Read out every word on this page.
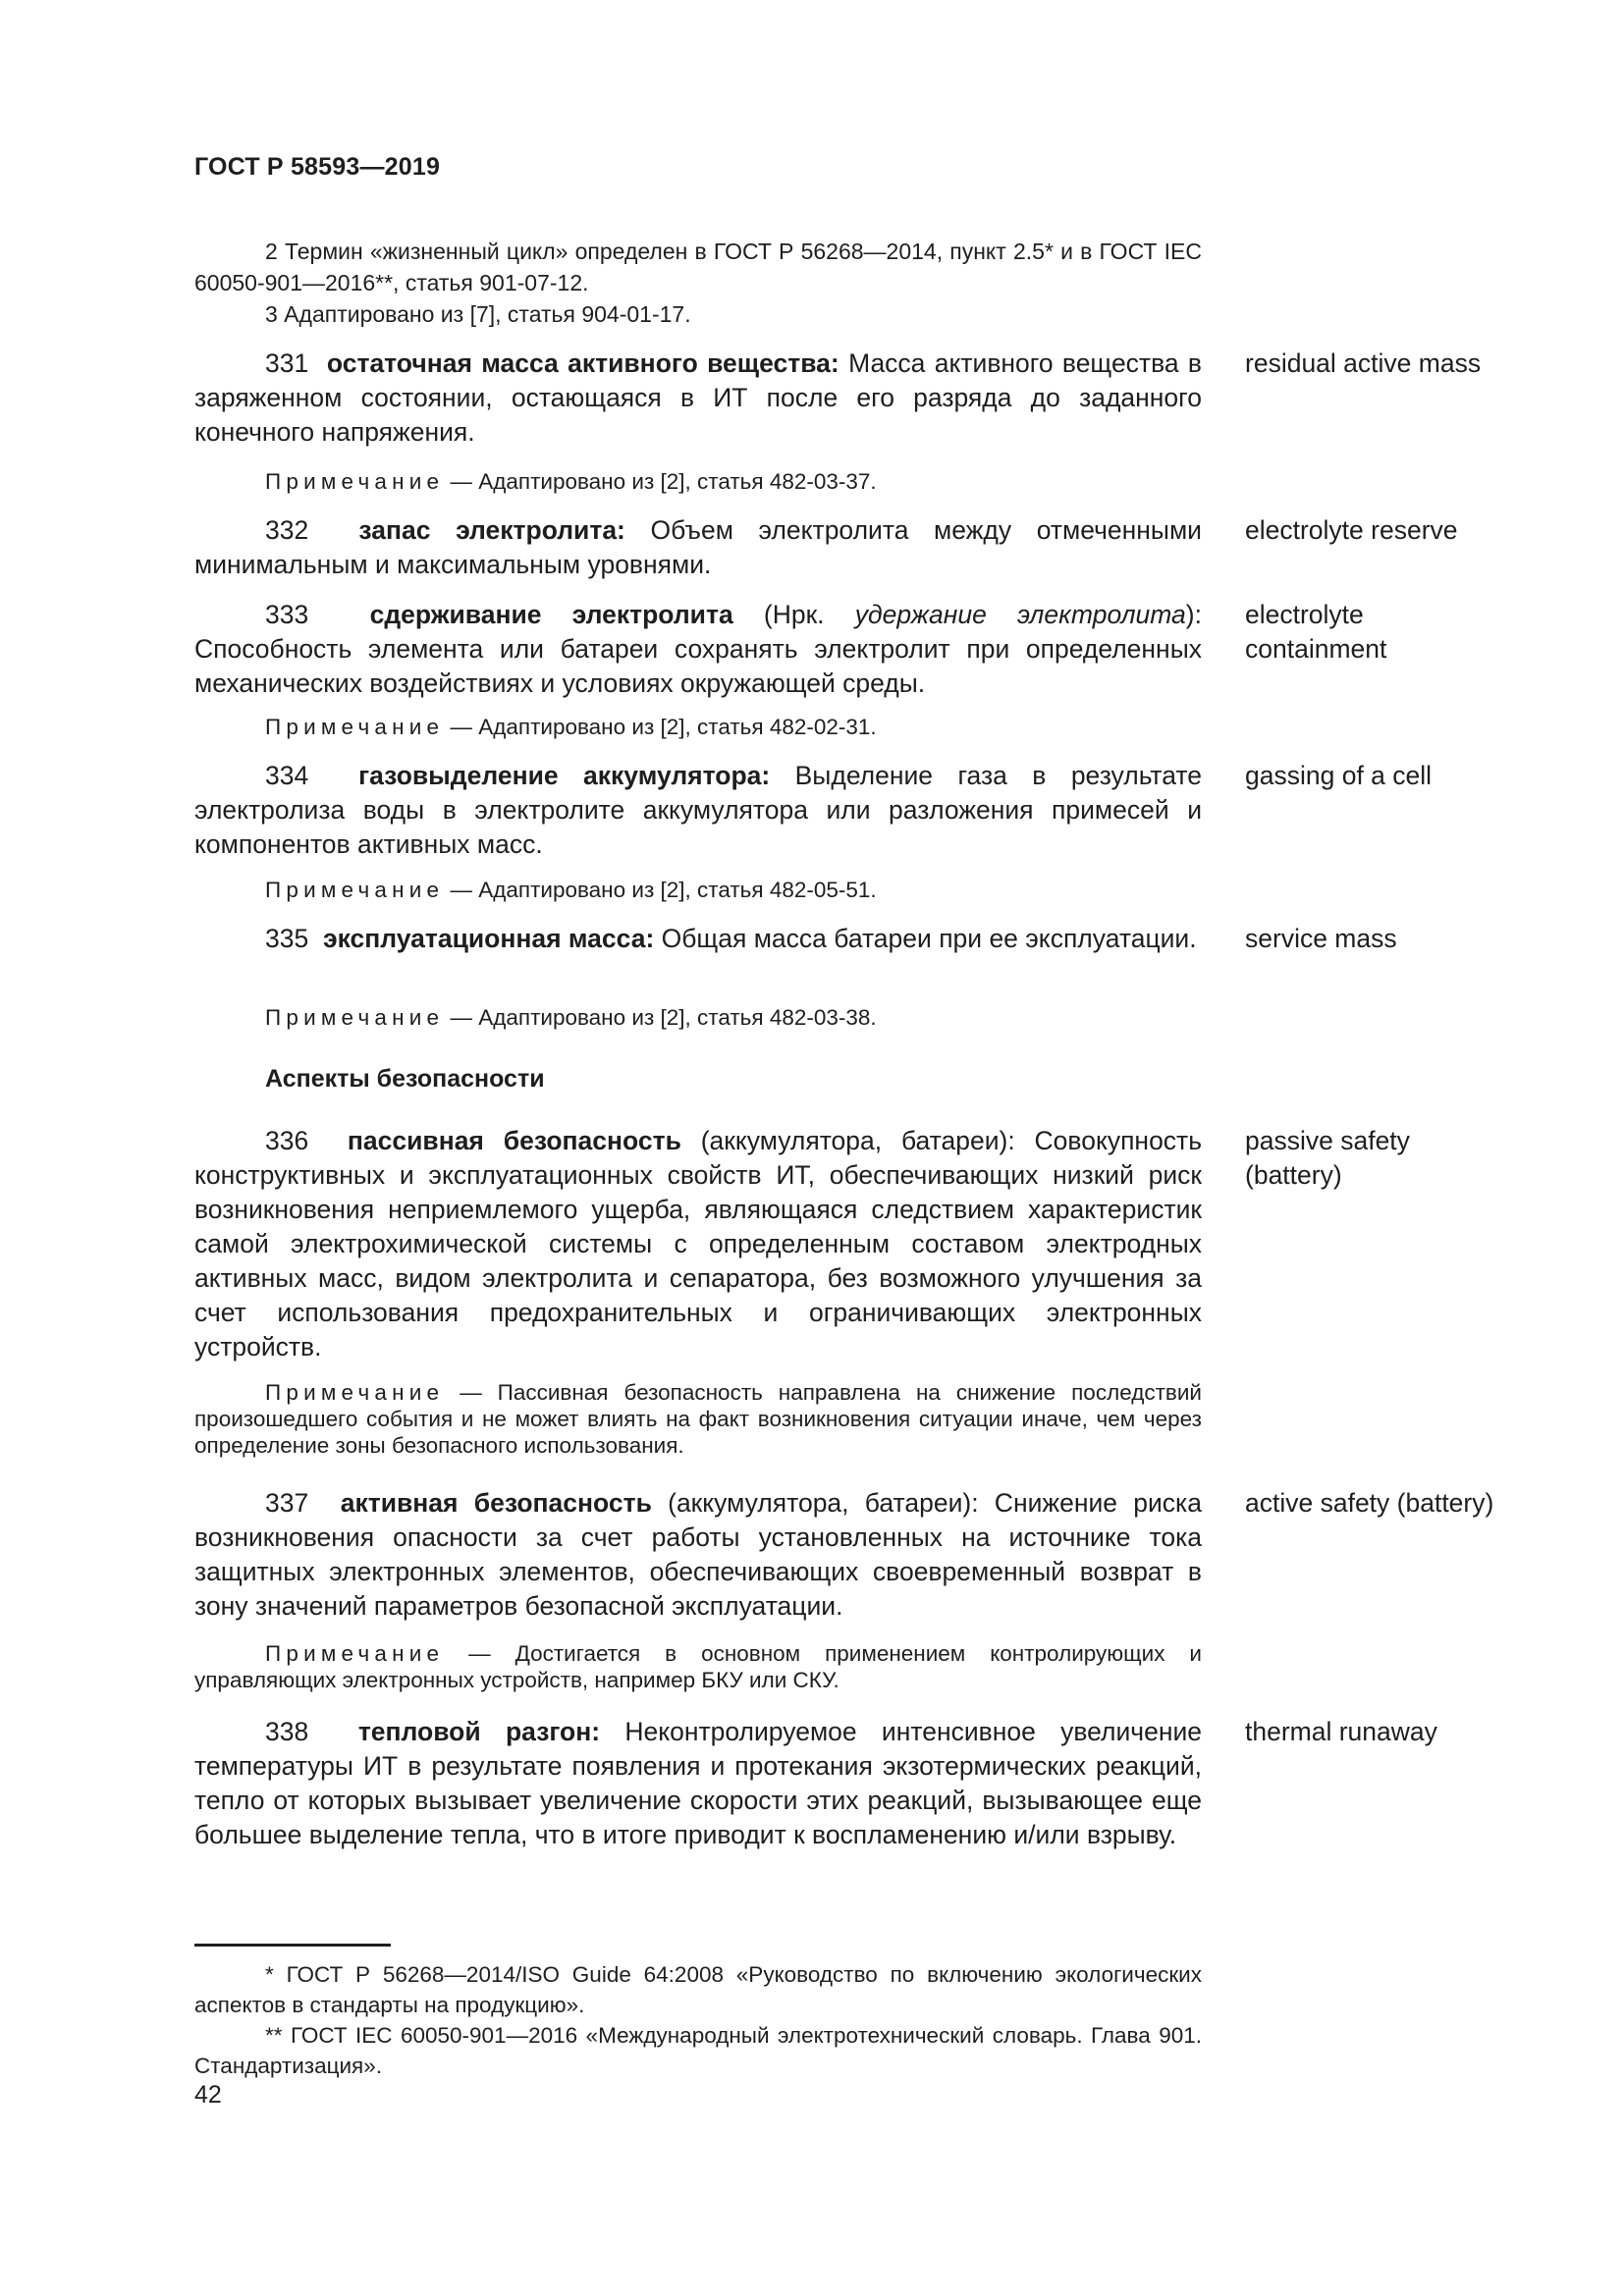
ГОСТ Р 58593—2019
2 Термин «жизненный цикл» определен в ГОСТ Р 56268—2014, пункт 2.5* и в ГОСТ IEC 60050-901—2016**, статья 901-07-12.
3 Адаптировано из [7], статья 904-01-17.
331 остаточная масса активного вещества: Масса активного вещества в заряженном состоянии, остающаяся в ИТ после его разряда до заданного конечного напряжения.
residual active mass
Примечание — Адаптировано из [2], статья 482-03-37.
332 запас электролита: Объем электролита между отмеченными минимальным и максимальным уровнями.
electrolyte reserve
333 сдерживание электролита (Нрк. удержание электролита): Способность элемента или батареи сохранять электролит при определенных механических воздействиях и условиях окружающей среды.
electrolyte
containment
Примечание — Адаптировано из [2], статья 482-02-31.
334 газовыделение аккумулятора: Выделение газа в результате электролиза воды в электролите аккумулятора или разложения примесей и компонентов активных масс.
gassing of a cell
Примечание — Адаптировано из [2], статья 482-05-51.
335 эксплуатационная масса: Общая масса батареи при ее эксплуатации. service mass
Примечание — Адаптировано из [2], статья 482-03-38.
Аспекты безопасности
336 пассивная безопасность (аккумулятора, батареи): Совокупность конструктивных и эксплуатационных свойств ИТ, обеспечивающих низкий риск возникновения неприемлемого ущерба, являющаяся следствием характеристик самой электрохимической системы с определенным составом электродных активных масс, видом электролита и сепаратора, без возможного улучшения за счет использования предохранительных и ограничивающих электронных устройств.
passive safety
(battery)
Примечание — Пассивная безопасность направлена на снижение последствий произошедшего события и не может влиять на факт возникновения ситуации иначе, чем через определение зоны безопасного использования.
337 активная безопасность (аккумулятора, батареи): Снижение риска возникновения опасности за счет работы установленных на источнике тока защитных электронных элементов, обеспечивающих своевременный возврат в зону значений параметров безопасной эксплуатации.
active safety (battery)
Примечание — Достигается в основном применением контролирующих и управляющих электронных устройств, например БКУ или СКУ.
338 тепловой разгон: Неконтролируемое интенсивное увеличение температуры ИТ в результате появления и протекания экзотермических реакций, тепло от которых вызывает увеличение скорости этих реакций, вызывающее еще большее выделение тепла, что в итоге приводит к воспламенению и/или взрыву.
thermal runaway
* ГОСТ Р 56268—2014/ISO Guide 64:2008 «Руководство по включению экологических аспектов в стандарты на продукцию».
** ГОСТ IEC 60050-901—2016 «Международный электротехнический словарь. Глава 901. Стандартизация».
42
